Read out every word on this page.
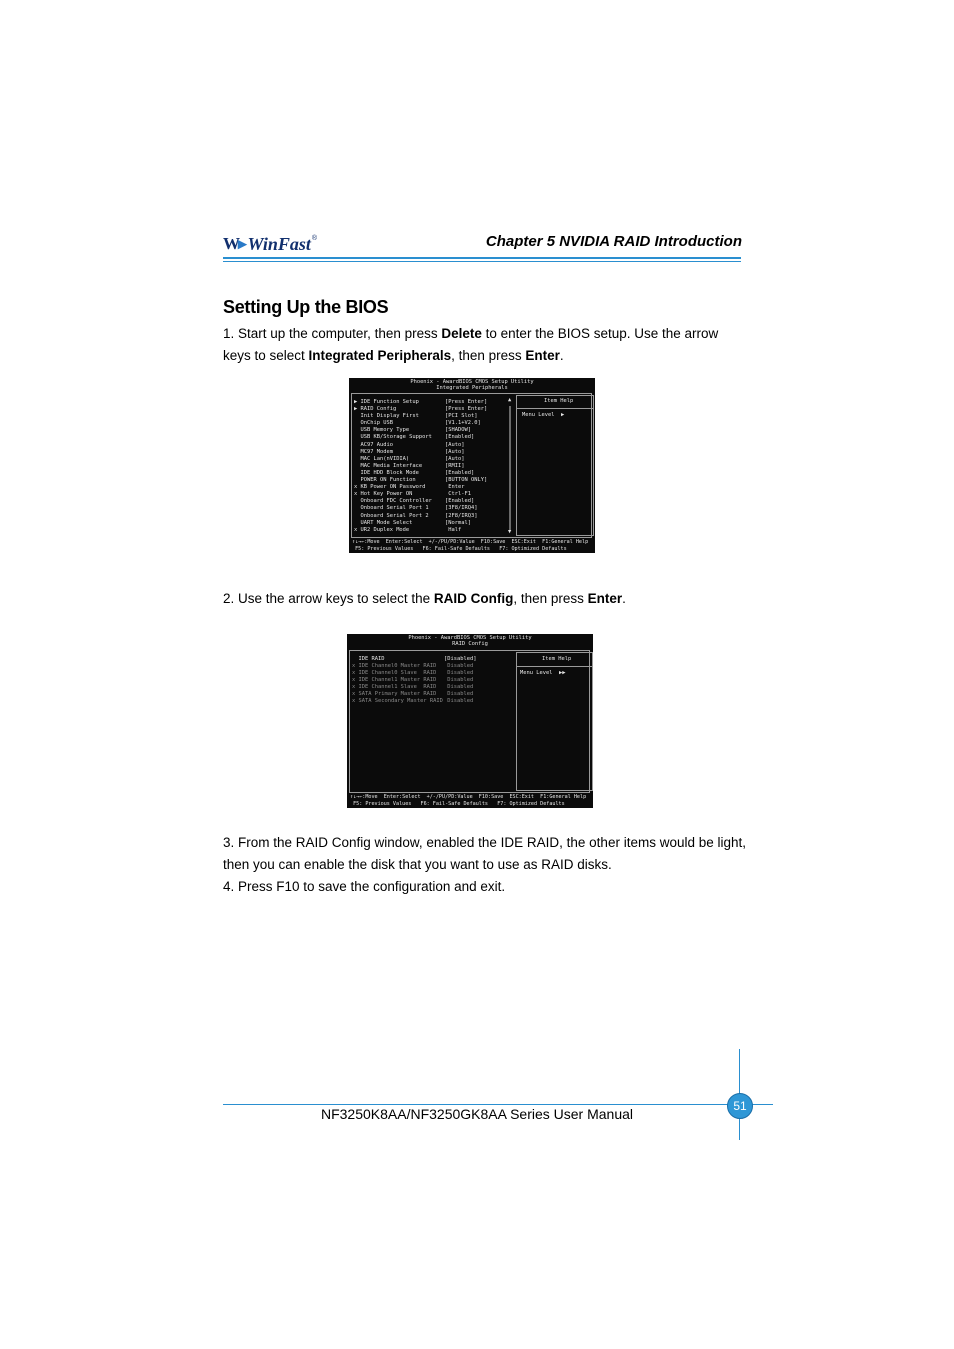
W▸ WinFast ®	Chapter 5 NVIDIA RAID Introduction
Setting Up the BIOS
1. Start up the computer, then press Delete to enter the BIOS setup. Use the arrow keys to select Integrated Peripherals, then press Enter.
Phoenix - AwardBIOS CMOS Setup Utility
Integrated Peripherals
Item Help
Menu Level  ▶
▶ IDE Function Setup
▶ RAID Config
Init Display First
OnChip USB
USB Memory Type
USB KB/Storage Support
AC97 Audio
MC97 Modem
MAC Lan(nVIDIA)
MAC Media Interface
IDE HDD Block Mode
POWER ON Function
x KB Power ON Password
x Hot Key Power ON
Onboard FDC Controller
Onboard Serial Port 1
Onboard Serial Port 2
UART Mode Select
x UR2 Duplex Mode
[Press Enter]
[Press Enter]
[PCI Slot]
[V1.1+V2.0]
[SHADOW]
[Enabled]
[Auto]
[Auto]
[Auto]
[RMII]
[Enabled]
[BUTTON ONLY]
Enter
Ctrl-F1
[Enabled]
[3F8/IRQ4]
[2F8/IRQ3]
[Normal]
Half
▲
▼
↑↓→←:Move  Enter:Select  +/-/PU/PD:Value  F10:Save  ESC:Exit  F1:General Help
F5: Previous Values   F6: Fail-Safe Defaults   F7: Optimized Defaults
2. Use the arrow keys to select the RAID Config, then press Enter.
Phoenix - AwardBIOS CMOS Setup Utility
RAID Config
Item Help
Menu Level  ▶▶
IDE RAID
x IDE Channel0 Master RAID
x IDE Channel0 Slave  RAID
x IDE Channel1 Master RAID
x IDE Channel1 Slave  RAID
x SATA Primary Master RAID
x SATA Secondary Master RAID
[Disabled]
Disabled
Disabled
Disabled
Disabled
Disabled
Disabled
↑↓→←:Move  Enter:Select  +/-/PU/PD:Value  F10:Save  ESC:Exit  F1:General Help
F5: Previous Values   F6: Fail-Safe Defaults   F7: Optimized Defaults
3. From the RAID Config window, enabled the IDE RAID, the other items would be light, then you can enable the disk that you want to use as RAID disks.
4. Press F10 to save the configuration and exit.
51
NF3250K8AA/NF3250GK8AA Series User Manual
